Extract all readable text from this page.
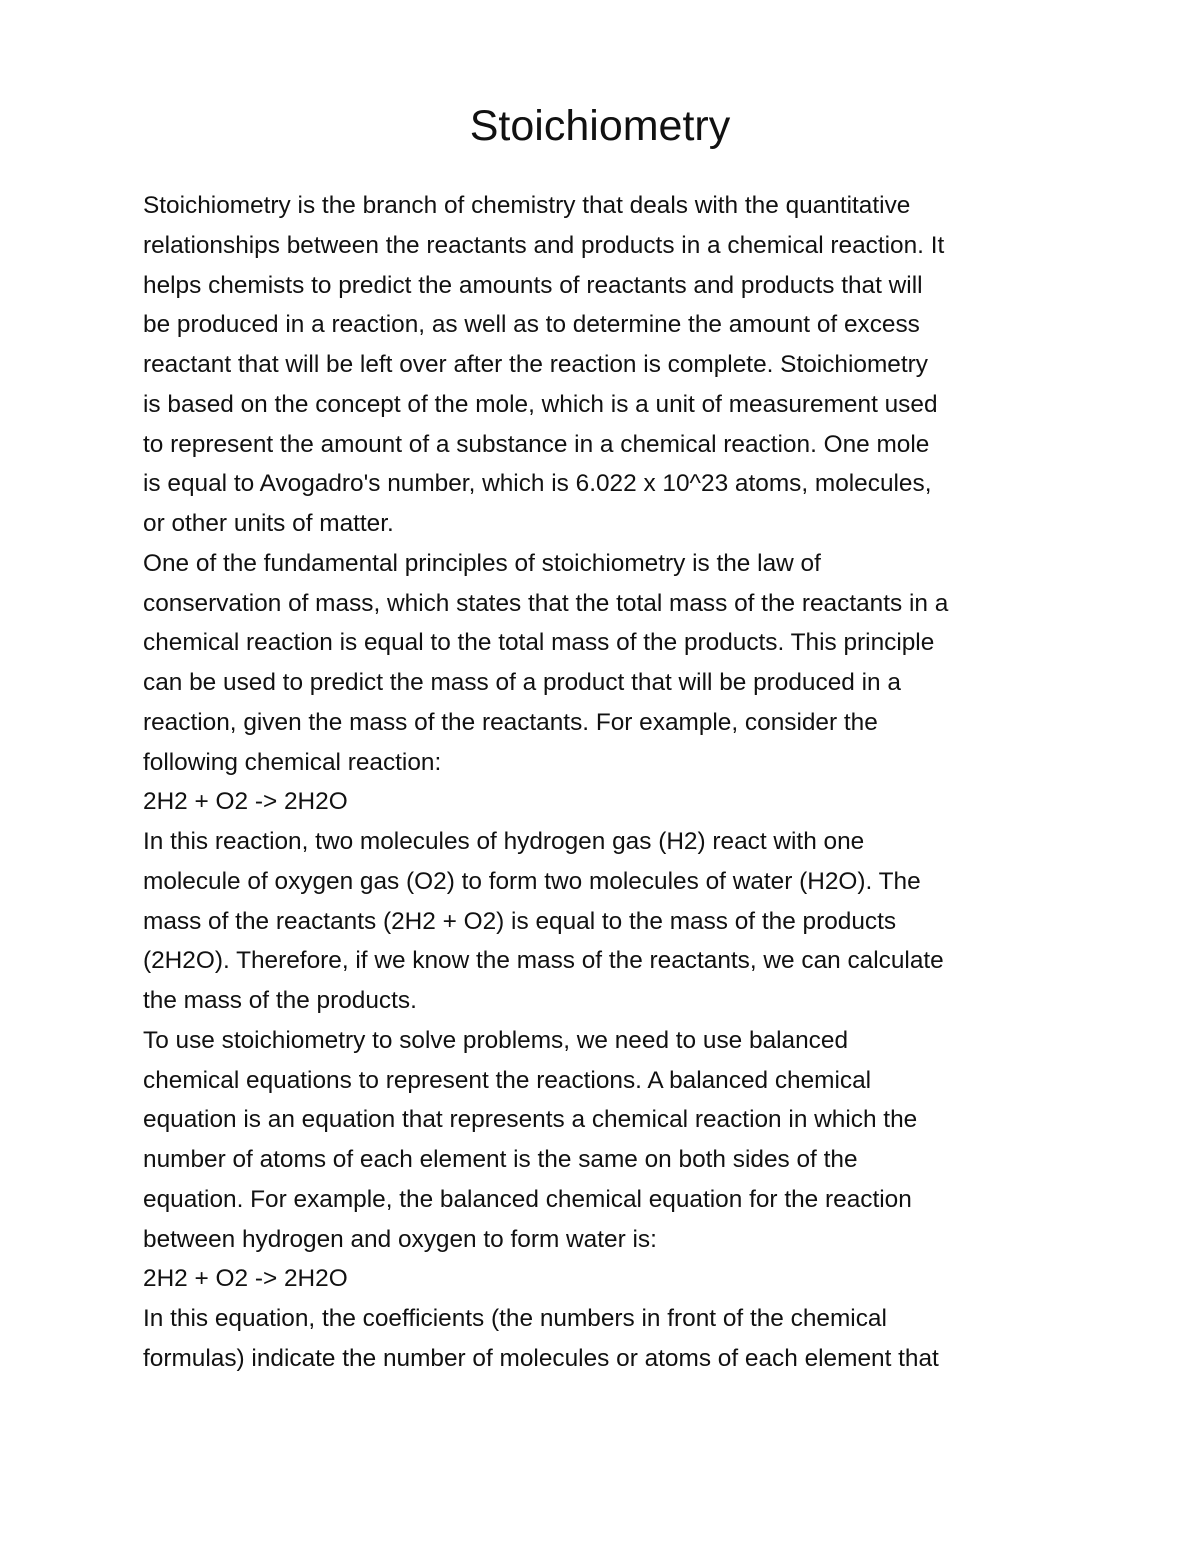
Stoichiometry
Stoichiometry is the branch of chemistry that deals with the quantitative
relationships between the reactants and products in a chemical reaction. It
helps chemists to predict the amounts of reactants and products that will
be produced in a reaction, as well as to determine the amount of excess
reactant that will be left over after the reaction is complete. Stoichiometry
is based on the concept of the mole, which is a unit of measurement used
to represent the amount of a substance in a chemical reaction. One mole
is equal to Avogadro's number, which is 6.022 x 10^23 atoms, molecules,
or other units of matter.
One of the fundamental principles of stoichiometry is the law of
conservation of mass, which states that the total mass of the reactants in a
chemical reaction is equal to the total mass of the products. This principle
can be used to predict the mass of a product that will be produced in a
reaction, given the mass of the reactants. For example, consider the
following chemical reaction:
2H2 + O2 -> 2H2O
In this reaction, two molecules of hydrogen gas (H2) react with one
molecule of oxygen gas (O2) to form two molecules of water (H2O). The
mass of the reactants (2H2 + O2) is equal to the mass of the products
(2H2O). Therefore, if we know the mass of the reactants, we can calculate
the mass of the products.
To use stoichiometry to solve problems, we need to use balanced
chemical equations to represent the reactions. A balanced chemical
equation is an equation that represents a chemical reaction in which the
number of atoms of each element is the same on both sides of the
equation. For example, the balanced chemical equation for the reaction
between hydrogen and oxygen to form water is:
2H2 + O2 -> 2H2O
In this equation, the coefficients (the numbers in front of the chemical
formulas) indicate the number of molecules or atoms of each element that
